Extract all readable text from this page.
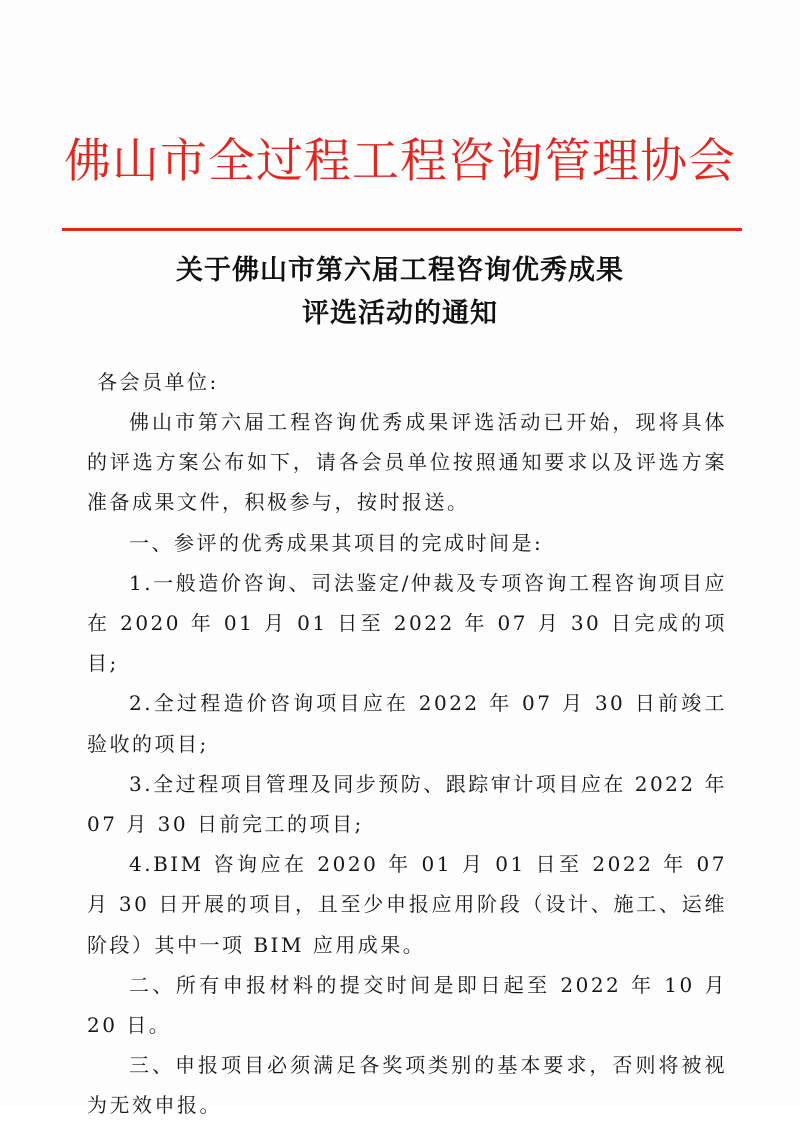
佛山市全过程工程咨询管理协会
关于佛山市第六届工程咨询优秀成果
评选活动的通知
各会员单位:

佛山市第六届工程咨询优秀成果评选活动已开始，现将具体的评选方案公布如下，请各会员单位按照通知要求以及评选方案准备成果文件，积极参与，按时报送。

一、参评的优秀成果其项目的完成时间是:

1.一般造价咨询、司法鉴定/仲裁及专项咨询工程咨询项目应在 2020 年 01 月 01 日至 2022 年 07 月 30 日完成的项目;

2.全过程造价咨询项目应在 2022 年 07 月 30 日前竣工验收的项目;

3.全过程项目管理及同步预防、跟踪审计项目应在 2022 年 07 月 30 日前完工的项目;

4.BIM 咨询应在 2020 年 01 月 01 日至 2022 年 07 月 30 日开展的项目，且至少申报应用阶段（设计、施工、运维阶段）其中一项 BIM 应用成果。

二、所有申报材料的提交时间是即日起至 2022 年 10 月 20 日。

三、申报项目必须满足各奖项类别的基本要求，否则将被视为无效申报。
